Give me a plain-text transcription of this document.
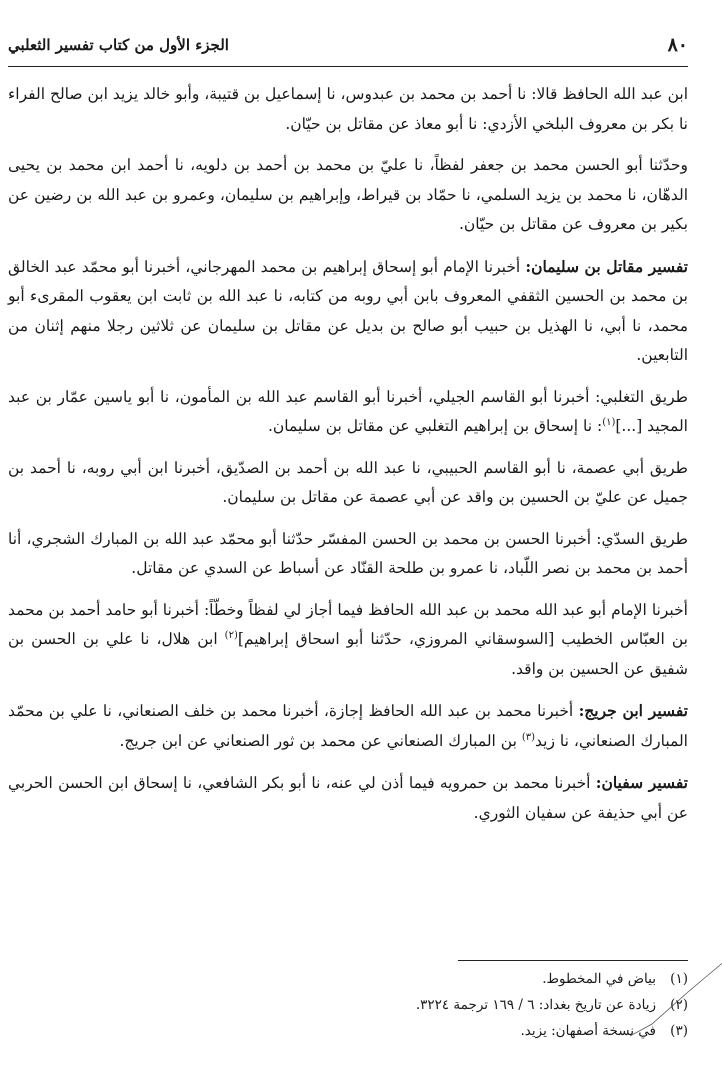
٨٠
الجزء الأول من كتاب تفسير الثعلبي

ابن عبد الله الحافظ قالا: نا أحمد بن محمد بن عبدوس، نا إسماعيل بن قتيبة، وأبو خالد يزيد ابن صالح الفراء نا بكر بن معروف البلخي الأزدي: نا أبو معاذ عن مقاتل بن حيّان.

وحدّثنا أبو الحسن محمد بن جعفر لفظاً، نا عليّ بن محمد بن أحمد بن دلويه، نا أحمد ابن محمد بن يحيى الدهّان، نا محمد بن يزيد السلمي، نا حمّاد بن قيراط، وإبراهيم بن سليمان، وعمرو بن عبد الله بن رضين عن بكير بن معروف عن مقاتل بن حيّان.

تفسير مقاتل بن سليمان: أخبرنا الإمام أبو إسحاق إبراهيم بن محمد المهرجاني، أخبرنا أبو محمّد عبد الخالق بن محمد بن الحسين الثقفي المعروف بابن أبي روبه من كتابه، نا عبد الله بن ثابت ابن يعقوب المقرىء أبو محمد، نا أبي، نا الهذيل بن حبيب أبو صالح بن بديل عن مقاتل بن سليمان عن ثلاثين رجلا منهم إثنان من التابعين.

طريق التغلبي: أخبرنا أبو القاسم الجيلي، أخبرنا أبو القاسم عبد الله بن المأمون، نا أبو ياسين عمّار بن عبد المجيد [...]$^{(١)}$: نا إسحاق بن إبراهيم التغلبي عن مقاتل بن سليمان.

طريق أبي عصمة، نا أبو القاسم الحبيبي، نا عبد الله بن أحمد بن الصدّيق، أخبرنا ابن أبي روبه، نا أحمد بن جميل عن عليّ بن الحسين بن واقد عن أبي عصمة عن مقاتل بن سليمان.

طريق السدّي: أخبرنا الحسن بن محمد بن الحسن المفسّر حدّثنا أبو محمّد عبد الله بن المبارك الشجري، أنا أحمد بن محمد بن نصر اللّباد، نا عمرو بن طلحة القنّاد عن أسباط عن السدي عن مقاتل.

أخبرنا الإمام أبو عبد الله محمد بن عبد الله الحافظ فيما أجاز لي لفظاً وخطّاً: أخبرنا أبو حامد أحمد بن محمد بن العبّاس الخطيب [السوسقاني المروزي، حدّثنا أبو اسحاق إبراهيم]$^{(٢)}$ ابن هلال، نا علي بن الحسن بن شفيق عن الحسين بن واقد.

تفسير ابن جريج: أخبرنا محمد بن عبد الله الحافظ إجازة، أخبرنا محمد بن خلف الصنعاني، نا علي بن محمّد المبارك الصنعاني، نا زيد$^{(٣)}$ بن المبارك الصنعاني عن محمد بن ثور الصنعاني عن ابن جريج.

تفسير سفيان: أخبرنا محمد بن حمرويه فيما أذن لي عنه، نا أبو بكر الشافعي، نا إسحاق ابن الحسن الحربي عن أبي حذيفة عن سفيان الثوري.

(١)بياض في المخطوط.
(٢)زيادة عن تاريخ بغداد: ٦ / ١٦٩ ترجمة ٣٢٢٤.
(٣)في نسخة أصفهان: يزيد.
